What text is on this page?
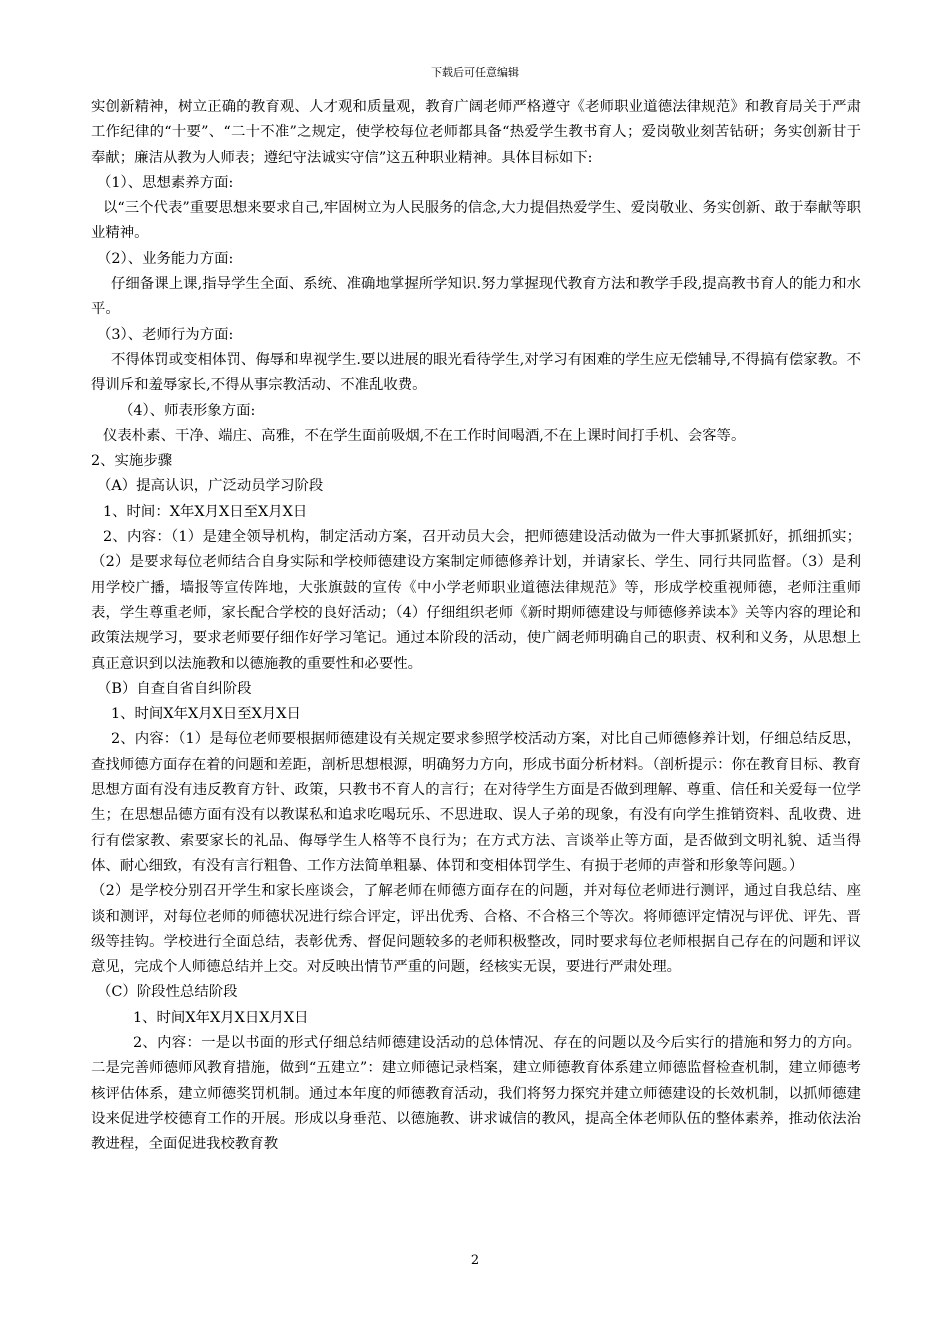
下载后可任意编辑

实创新精神，树立正确的教育观、人才观和质量观，教育广阔老师严格遵守《老师职业道德法律规范》和教育局关于严肃工作纪律的“十要”、“二十不准”之规定，使学校每位老师都具备“热爱学生教书育人；爱岗敬业刻苦钻研；务实创新甘于奉献；廉洁从教为人师表；遵纪守法诚实守信”这五种职业精神。具体目标如下:

（1）、思想素养方面:

以“三个代表”重要思想来要求自己,牢固树立为人民服务的信念,大力提倡热爱学生、爱岗敬业、务实创新、敢于奉献等职业精神。

（2）、业务能力方面:

仔细备课上课,指导学生全面、系统、准确地掌握所学知识.努力掌握现代教育方法和教学手段,提高教书育人的能力和水平。

（3）、老师行为方面:

不得体罚或变相体罚、侮辱和卑视学生.要以进展的眼光看待学生,对学习有困难的学生应无偿辅导,不得搞有偿家教。不得训斥和羞辱家长,不得从事宗教活动、不准乱收费。

（4）、师表形象方面:

仪表朴素、干净、端庄、高雅，不在学生面前吸烟,不在工作时间喝酒,不在上课时间打手机、会客等。

2、实施步骤

（A）提高认识，广泛动员学习阶段

1、时间：X年X月X日至X月X日

2、内容：（1）是建全领导机构，制定活动方案，召开动员大会，把师德建设活动做为一件大事抓紧抓好，抓细抓实；（2）是要求每位老师结合自身实际和学校师德建设方案制定师德修养计划，并请家长、学生、同行共同监督。（3）是利用学校广播，墙报等宣传阵地，大张旗鼓的宣传《中小学老师职业道德法律规范》等，形成学校重视师德，老师注重师表，学生尊重老师，家长配合学校的良好活动；（4）仔细组织老师《新时期师德建设与师德修养读本》关等内容的理论和政策法规学习，要求老师要仔细作好学习笔记。通过本阶段的活动，使广阔老师明确自己的职责、权利和义务，从思想上真正意识到以法施教和以德施教的重要性和必要性。

（B）自查自省自纠阶段

1、时间X年X月X日至X月X日

2、内容：（1）是每位老师要根据师德建设有关规定要求参照学校活动方案，对比自己师德修养计划，仔细总结反思，查找师德方面存在着的问题和差距，剖析思想根源，明确努力方向，形成书面分析材料。（剖析提示：你在教育目标、教育思想方面有没有违反教育方针、政策，只教书不育人的言行；在对待学生方面是否做到理解、尊重、信任和关爱每一位学生；在思想品德方面有没有以教谋私和追求吃喝玩乐、不思进取、误人子弟的现象，有没有向学生推销资料、乱收费、进行有偿家教、索要家长的礼品、侮辱学生人格等不良行为；在方式方法、言谈举止等方面，是否做到文明礼貌、适当得体、耐心细致，有没有言行粗鲁、工作方法简单粗暴、体罚和变相体罚学生、有损于老师的声誉和形象等问题。）

（2）是学校分别召开学生和家长座谈会，了解老师在师德方面存在的问题，并对每位老师进行测评，通过自我总结、座谈和测评，对每位老师的师德状况进行综合评定，评出优秀、合格、不合格三个等次。将师德评定情况与评优、评先、晋级等挂钩。学校进行全面总结，表彰优秀、督促问题较多的老师积极整改，同时要求每位老师根据自己存在的问题和评议意见，完成个人师德总结并上交。对反映出情节严重的问题，经核实无误，要进行严肃处理。

（C）阶段性总结阶段

1、时间X年X月X日X月X日

2、内容：一是以书面的形式仔细总结师德建设活动的总体情况、存在的问题以及今后实行的措施和努力的方向。二是完善师德师风教育措施，做到“五建立”：建立师德记录档案，建立师德教育体系建立师德监督检查机制，建立师德考核评估体系，建立师德奖罚机制。通过本年度的师德教育活动，我们将努力探究并建立师德建设的长效机制，以抓师德建设来促进学校德育工作的开展。形成以身垂范、以德施教、讲求诚信的教风，提高全体老师队伍的整体素养，推动依法治教进程，全面促进我校教育教

2
